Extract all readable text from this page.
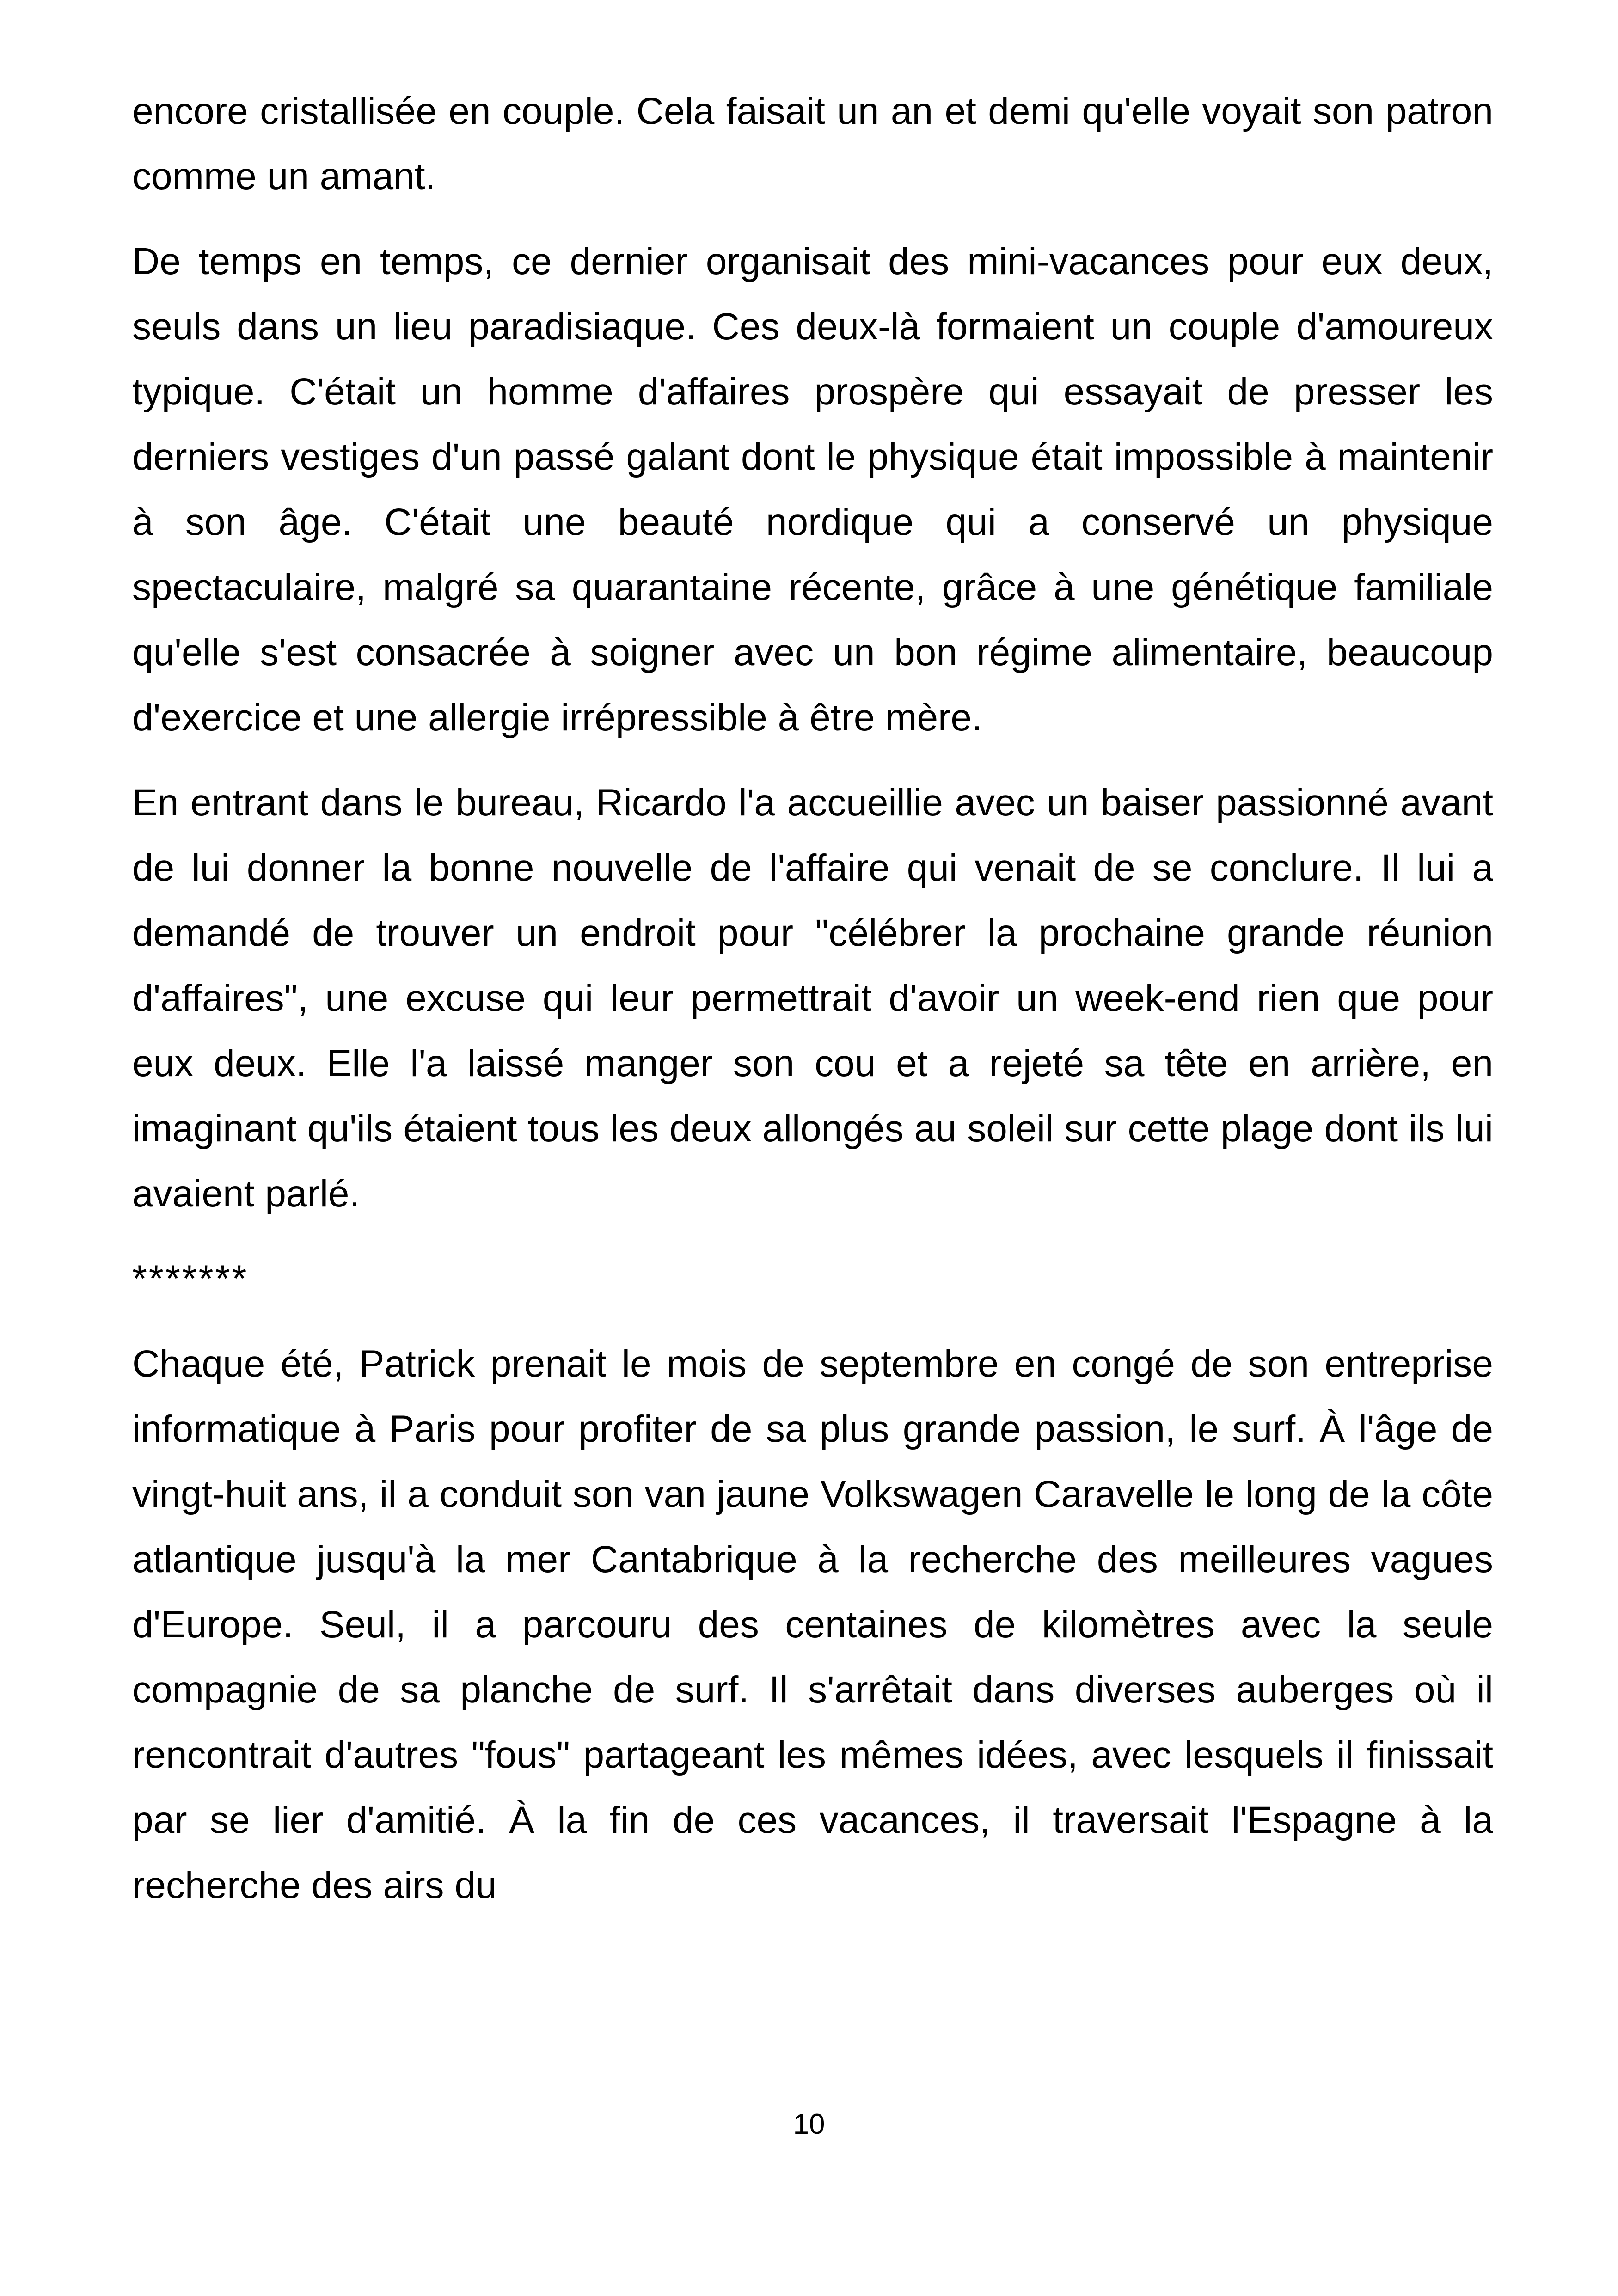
encore cristallisée en couple. Cela faisait un an et demi qu'elle voyait son patron comme un amant.

De temps en temps, ce dernier organisait des mini-vacances pour eux deux, seuls dans un lieu paradisiaque. Ces deux-là formaient un couple d'amoureux typique. C'était un homme d'affaires prospère qui essayait de presser les derniers vestiges d'un passé galant dont le physique était impossible à maintenir à son âge. C'était une beauté nordique qui a conservé un physique spectaculaire, malgré sa quarantaine récente, grâce à une génétique familiale qu'elle s'est consacrée à soigner avec un bon régime alimentaire, beaucoup d'exercice et une allergie irrépressible à être mère.

En entrant dans le bureau, Ricardo l'a accueillie avec un baiser passionné avant de lui donner la bonne nouvelle de l'affaire qui venait de se conclure. Il lui a demandé de trouver un endroit pour "célébrer la prochaine grande réunion d'affaires", une excuse qui leur permettrait d'avoir un week-end rien que pour eux deux. Elle l'a laissé manger son cou et a rejeté sa tête en arrière, en imaginant qu'ils étaient tous les deux allongés au soleil sur cette plage dont ils lui avaient parlé.

*******

Chaque été, Patrick prenait le mois de septembre en congé de son entreprise informatique à Paris pour profiter de sa plus grande passion, le surf. À l'âge de vingt-huit ans, il a conduit son van jaune Volkswagen Caravelle le long de la côte atlantique jusqu'à la mer Cantabrique à la recherche des meilleures vagues d'Europe. Seul, il a parcouru des centaines de kilomètres avec la seule compagnie de sa planche de surf. Il s'arrêtait dans diverses auberges où il rencontrait d'autres "fous" partageant les mêmes idées, avec lesquels il finissait par se lier d'amitié. À la fin de ces vacances, il traversait l'Espagne à la recherche des airs du

10
